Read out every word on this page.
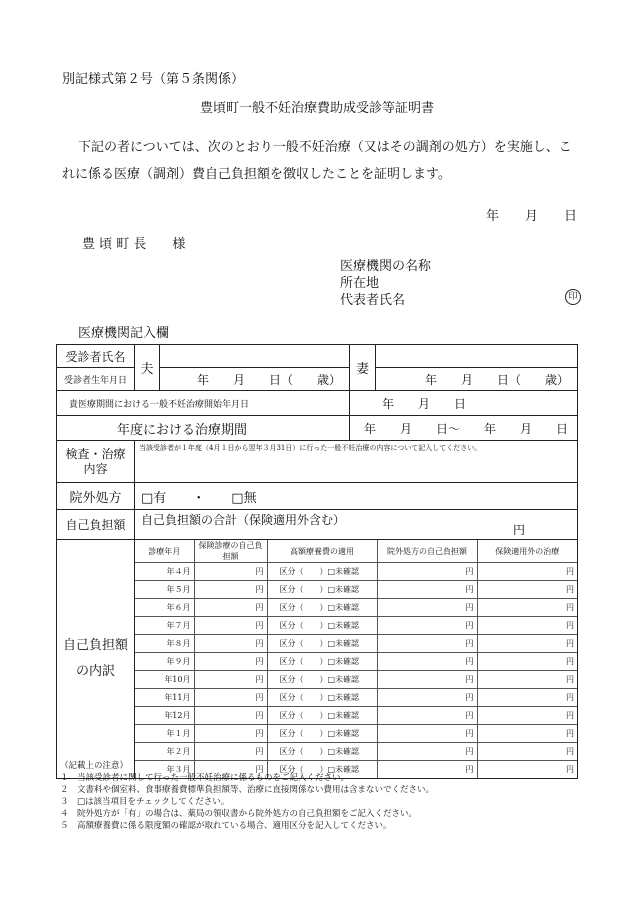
別記様式第２号（第５条関係）
豊頃町一般不妊治療費助成受診等証明書
下記の者については、次のとおり一般不妊治療（又はその調剤の処方）を実施し、こ
れに係る医療（調剤）費自己負担額を徴収したことを証明します。
年　　月　　日
豊 頃 町 長　　様
医療機関の名称
所在地
代表者氏名	印
医療機関記入欄
受診者氏名	夫		妻	
受診者生年月日	年　　月　　日（　　歳）	年　　月　　日（　　歳）
貴医療期間における一般不妊治療開始年月日	年　　月　　日
年度における治療期間	年　　月　　日～　　年　　月　　日

検査・治療内容
	当該受診者が１年度（4月１日から翌年３月31日）に行った一般不妊治療の内容について記入してください。
院外処方	□有　　・　　□無
自己負担額	自己負担額の合計（保険適用外含む）
円

自己負担額の内訳

診療年月	保険診療の自己負担額	高額療養費の適用	院外処方の自己負担額	保険適用外の治療
年４月	円	区分（　　）□未確認	円	円
年５月	円	区分（　　）□未確認	円	円
年６月	円	区分（　　）□未確認	円	円
年７月	円	区分（　　）□未確認	円	円
年８月	円	区分（　　）□未確認	円	円
年９月	円	区分（　　）□未確認	円	円
年10月	円	区分（　　）□未確認	円	円
年11月	円	区分（　　）□未確認	円	円
年12月	円	区分（　　）□未確認	円	円
年１月	円	区分（　　）□未確認	円	円
年２月	円	区分（　　）□未確認	円	円
年３月	円	区分（　　）□未確認	円	円
（記載上の注意）
１　当該受診者に関して行った一般不妊治療に係るものをご記入ください。
２　文書料や個室料、食事療養費標準負担額等、治療に直接関係ない費用は含まないでください。
３　□は該当項目をチェックしてください。
４　院外処方が「有」の場合は、薬局の領収書から院外処方の自己負担額をご記入ください。
５　高額療養費に係る限度額の確認が取れている場合、適用区分を記入してください。
